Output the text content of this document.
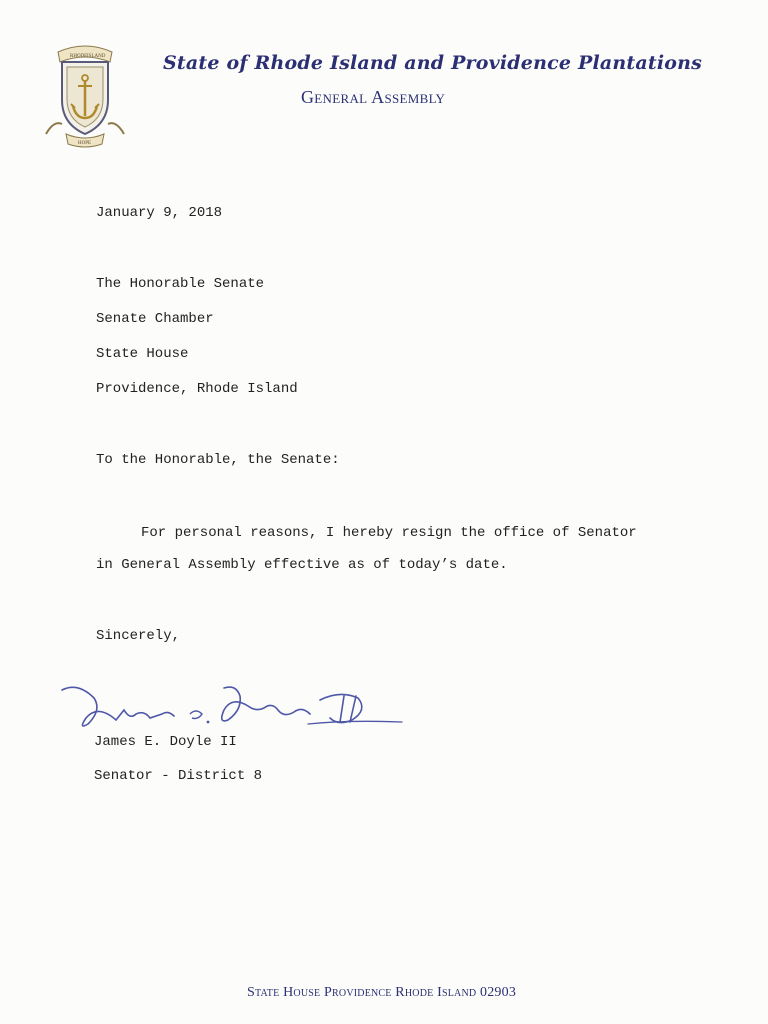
RHODE ISLAND
HOPE
State of Rhode Island and Providence Plantations
General Assembly
January 9, 2018
The Honorable Senate
Senate Chamber
State House
Providence, Rhode Island
To the Honorable, the Senate:
For personal reasons, I hereby resign the office of Senator
in General Assembly effective as of today’s date.
Sincerely,
James E. Doyle II
Senator - District 8
State House Providence Rhode Island 02903
